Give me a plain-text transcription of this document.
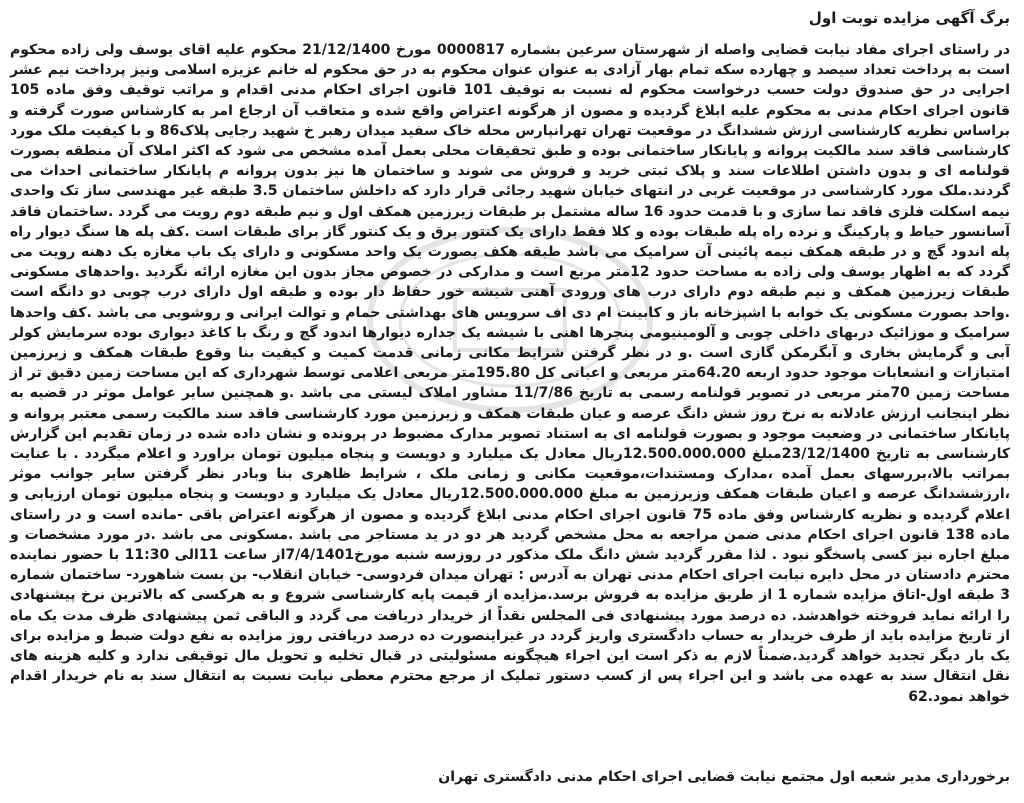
برگ آگهی مزایده نوبت اول

در راستای اجرای مفاد نیابت قضایی واصله از شهرستان سرعین بشماره 0000817 مورخ 21/12/1400 محکوم علیه اقای یوسف ولی زاده محکوم است به پرداخت تعداد سیصد و چهارده سکه تمام بهار آزادی به عنوان عنوان محکوم به در حق محکوم له خانم عزیزه اسلامی ونیز پرداخت نیم عشر اجرایی در حق صندوق دولت حسب درخواست محکوم له نسبت به توقیف 101 قانون اجرای احکام مدنی اقدام و مراتب توقیف وفق ماده 105 قانون اجرای احکام مدنی به محکوم علیه ابلاغ گردیده و مصون از هرگونه اعتراض واقع شده و متعاقب آن ارجاع امر به کارشناس صورت گرفته و براساس نظریه کارشناسی ارزش ششدانگ در موقعیت تهران تهرانپارس محله خاک سفید میدان رهبر خ شهید رجایی پلاک86 و با کیفیت ملک مورد کارشناسی فاقد سند مالکیت پروانه و پایانکار ساختمانی بوده و طبق تحقیقات محلی بعمل آمده مشخص می شود که اکثر املاک آن منطقه بصورت قولنامه ای و بدون داشتن اطلاعات سند و پلاک ثبتی خرید و فروش می شوند و ساختمان ها نیز بدون پروانه م پایانکار ساختمانی احداث می گردند.ملک مورد کارشناسی در موقعیت غربی در انتهای خیابان شهید رجائی قرار دارد که داخلش ساختمان 3.5 طبقه غیر مهندسی ساز تک واحدی نیمه اسکلت فلزی فاقد نما سازی و با قدمت حدود 16 ساله مشتمل بر طبقات زیرزمین همکف اول و نیم طبقه دوم رویت می گردد .ساختمان فاقد آسانسور حیاط و پارکینگ و نرده راه پله طبقات بوده و کلا فقط دارای یک کنتور برق و یک کنتور گاز برای طبقات است .کف پله ها سنگ دیوار راه پله اندود گچ و در طبقه همکف نیمه پائینی آن سرامیک می باشد طبقه هکف بصورت یک واحد مسکونی و دارای یک باب مغازه یک دهنه رویت می گردد که به اظهار یوسف ولی زاده به مساحت حدود 12متر مربع است و مدارکی در خصوص مجاز بدون این مغازه ارائه نگردید .واحدهای مسکونی طبقات زیرزمین همکف و نیم طبقه دوم دارای درب های ورودی آهنی شیشه خور حفاظ دار بوده و طبقه اول دارای درب چوبی دو دانگه است .واحد بصورت مسکونی یک خوابه با اشپزخانه باز و کابینت ام دی اف سرویس های بهداشتی حمام و توالت ایرانی و روشویی می باشد .کف واحدها سرامیک و موزائیک دربهای داخلی چوبی و آلومینیومی پنجرها اهنی با شیشه یک جداره دیوارها اندود گچ و رنگ با کاغذ دیواری بوده سرمایش کولر آبی و گرمایش بخاری و آبگرمکن گازی است .و در نظر گرفتن شرایط مکانی زمانی قدمت کمیت و کیفیت بنا وقوع طبقات همکف و زیرزمین امتیازات و انشعابات موجود حدود اربعه 64.20متر مربعی و اعیانی کل 195.80متر مربعی اعلامی توسط شهرداری که این مساحت زمین دقیق تر از مساحت زمین 70متر مربعی در تصویر قولنامه رسمی به تاریخ 11/7/86 مشاور املاک لیستی می باشد .و همچنین سایر عوامل موثر در قضیه به نظر اینجانب ارزش عادلانه به نرخ روز شش دانگ عرصه و عیان طبقات همکف و زیرزمین مورد کارشناسی فاقد سند مالکیت رسمی معتبر پروانه و پایانکار ساختمانی در وضعیت موجود و بصورت قولنامه ای به استناد تصویر مدارک مضبوط در پرونده و نشان داده شده در زمان تقدیم این گزارش کارشناسی به تاریخ 23/12/1400مبلغ 12.500.000.000ریال معادل یک میلیارد و دویست و پنجاه میلیون تومان براورد و اعلام میگردد . با عنایت بمراتب بالا،بررسهای بعمل آمده ،مدارک ومستندات،موقعیت مکانی و زمانی ملک ، شرایط ظاهری بنا وبادر نظر گرفتن سایر جوانب موثر ،ارزششدانگ عرصه و اعیان طبقات همکف وزیرزمین به مبلغ 12.500.000.000ریال معادل یک میلیارد و دویست و پنجاه میلیون تومان ارزیابی و اعلام گردیده و نظریه کارشناس وفق ماده 75 قانون اجرای احکام مدنی ابلاغ گردیده و مصون از هرگونه اعتراض باقی -مانده است و در راستای ماده 138 قانون اجرای احکام مدنی ضمن مراجعه به محل مشخص گردید هر دو در ید مستاجر می باشد .مسکونی می باشد .در مورد مشخصات و مبلغ اجاره نیز کسی پاسخگو نبود . لذا مقرر گردید شش دانگ ملک مذکور در روزسه شنبه مورخ7/4/1401از ساعت 11الی 11:30 با حضور نماینده محترم دادستان در محل دایره نیابت اجرای احکام مدنی تهران به آدرس : تهران میدان فردوسی- خیابان انقلاب- بن بست شاهورد- ساختمان شماره 3 طبقه اول-اتاق مزایده شماره 1 از طریق مزایده به فروش برسد.مزایده از قیمت پایه کارشناسی شروع و به هرکسی که بالاترین نرخ پیشنهادی را ارائه نماید فروخته خواهدشد. ده درصد مورد پیشنهادی فی المجلس نقداً از خریدار دریافت می گردد و الباقی ثمن پیشنهادی ظرف مدت یک ماه از تاریخ مزایده باید از طرف خریدار به حساب دادگستری واریز گردد در غیراینصورت ده درصد دریافتی روز مزایده به نفع دولت ضبط و مزایده برای یک بار دیگر تجدید خواهد گردید.ضمناً لازم به ذکر است این اجراء هیچگونه مسئولیتی در قبال تخلیه و تحویل مال توقیفی ندارد و کلیه هزینه های نقل انتقال سند به عهده می باشد و این اجراء پس از کسب دستور تملیک از مرجع محترم معطی نیابت نسبت به انتقال سند به نام خریدار اقدام خواهد نمود.62

برخورداری مدیر شعبه اول مجتمع نیابت قضایی اجرای احکام مدنی دادگستری تهران
